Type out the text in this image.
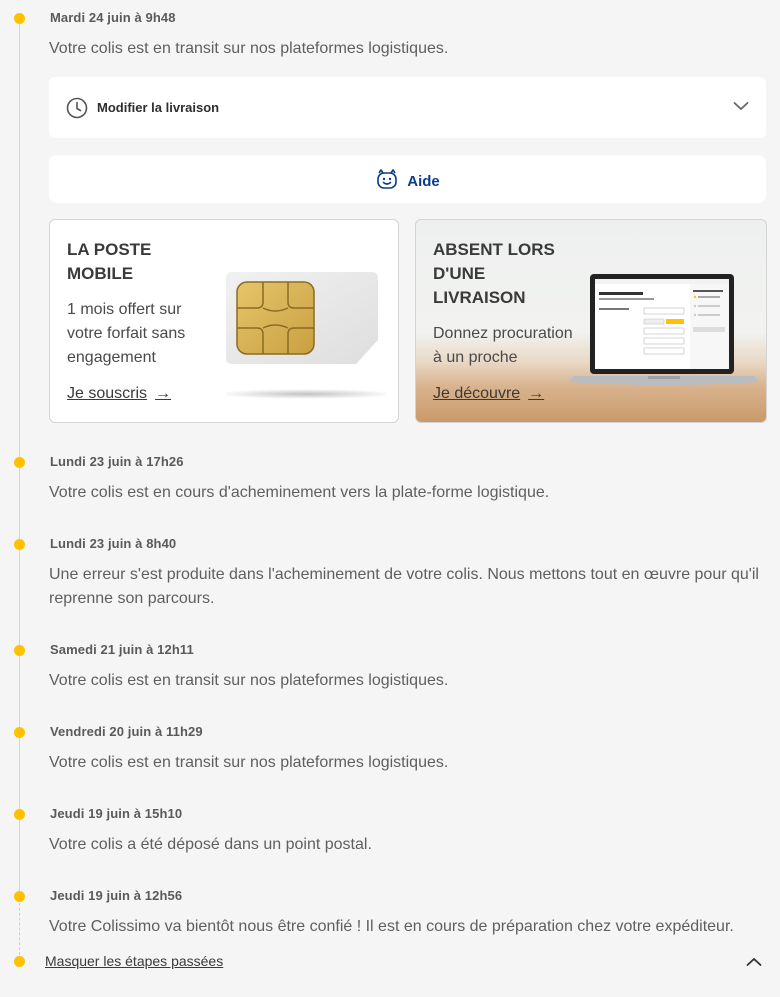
Mardi 24 juin à 9h48
Votre colis est en transit sur nos plateformes logistiques.
Modifier la livraison
Aide
LA POSTE
MOBILE

1 mois offert sur

votre forfait sans

engagement

Je souscris →
ABSENT LORS
D'UNE
LIVRAISON

Donnez procuration

à un proche

Je découvre →
Lundi 23 juin à 17h26
Votre colis est en cours d'acheminement vers la plate-forme logistique.
Lundi 23 juin à 8h40
Une erreur s'est produite dans l'acheminement de votre colis. Nous mettons tout en œuvre pour qu'il reprenne son parcours.
Samedi 21 juin à 12h11
Votre colis est en transit sur nos plateformes logistiques.
Vendredi 20 juin à 11h29
Votre colis est en transit sur nos plateformes logistiques.
Jeudi 19 juin à 15h10
Votre colis a été déposé dans un point postal.
Jeudi 19 juin à 12h56
Votre Colissimo va bientôt nous être confié ! Il est en cours de préparation chez votre expéditeur.
Masquer les étapes passées
